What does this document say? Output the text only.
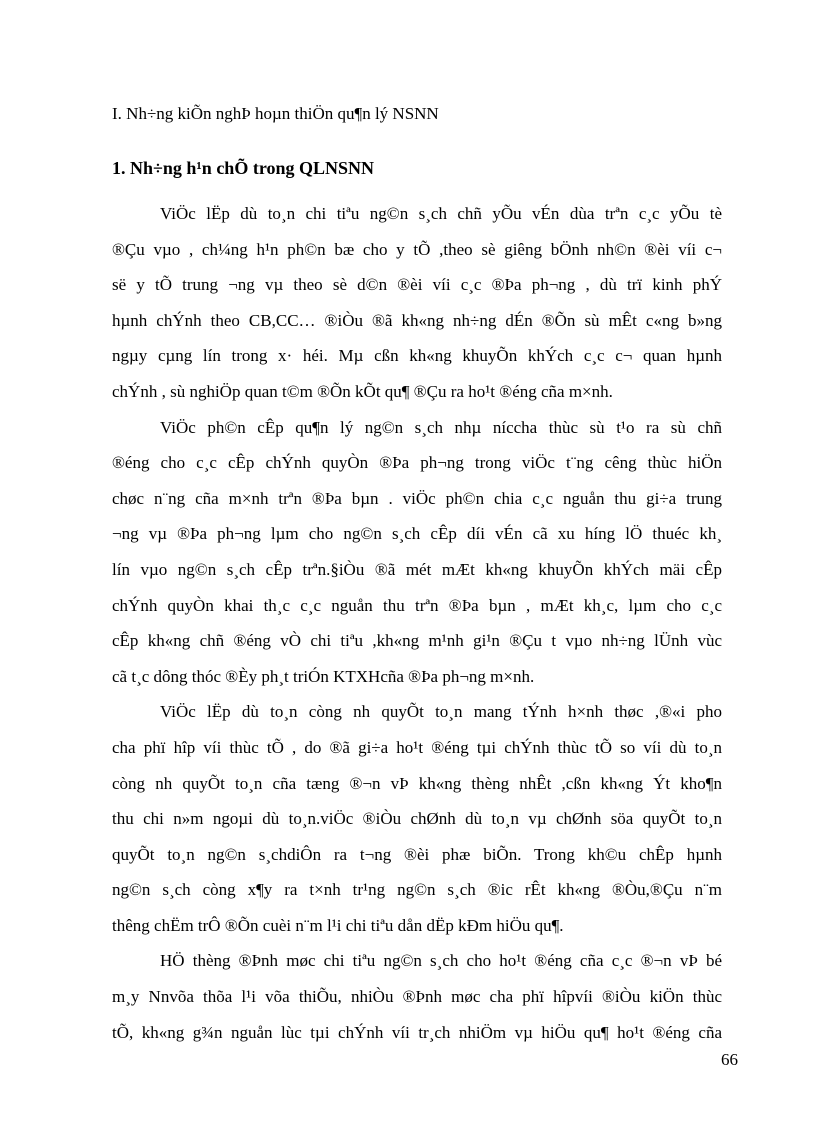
I. Nh÷ng kiÕn nghÞ hoµn thiÖn qu¶n lý NSNN
1. Nh÷ng h¹n chÕ trong QLNSNN
ViÖc lËp dù to¸n chi tiªu ng©n s¸ch chñ yÕu vÉn dùa trªn c¸c yÕu tè
®Çu vµo , ch¼ng h¹n ph©n bæ cho y tÕ ,theo sè giêng bÖnh nh©n ®èi víi c¬
së y tÕ trung ¬ng vµ theo sè d©n ®èi víi c¸c ®Þa ph¬ng , dù trï kinh phÝ
hµnh chÝnh theo CB,CC… ®iÒu ®ã kh«ng nh÷ng dÉn ®Õn sù mÊt c«ng b»ng
ngµy cµng lín trong x· héi. Mµ cßn kh«ng khuyÕn khÝch c¸c c¬ quan hµnh
chÝnh , sù nghiÖp quan t©m ®Õn kÕt qu¶ ®Çu ra ho¹t ®éng cña m×nh.
ViÖc ph©n cÊp qu¶n lý ng©n s¸ch nhµ níccha thùc sù t¹o ra sù chñ
®éng cho c¸c cÊp chÝnh quyÒn ®Þa ph¬ng trong viÖc t¨ng cêng thùc hiÖn
chøc n¨ng cña m×nh trªn ®Þa bµn . viÖc ph©n chia c¸c nguån thu gi÷a trung
¬ng vµ ®Þa ph¬ng lµm cho ng©n s¸ch cÊp díi vÉn cã xu híng lÖ thuéc kh¸
lín vµo ng©n s¸ch cÊp trªn.§iÒu ®ã mét mÆt kh«ng khuyÕn khÝch mäi cÊp
chÝnh quyÒn khai th¸c c¸c nguån thu trªn ®Þa bµn , mÆt kh¸c, lµm cho c¸c
cÊp kh«ng chñ ®éng vÒ chi tiªu ,kh«ng m¹nh gi¹n ®Çu t vµo nh÷ng lÜnh vùc
cã t¸c dông thóc ®Èy ph¸t triÓn KTXHcña ®Þa ph¬ng m×nh.
ViÖc lËp dù to¸n còng nh quyÕt to¸n mang tÝnh h×nh thøc ,®«i pho
cha phï hîp víi thùc tÕ , do ®ã gi÷a ho¹t ®éng tµi chÝnh thùc tÕ so víi dù to¸n
còng nh quyÕt to¸n cña tæng ®¬n vÞ kh«ng thèng nhÊt ,cßn kh«ng Ýt kho¶n
thu chi n»m ngoµi dù to¸n.viÖc ®iÒu chØnh dù to¸n vµ chØnh söa quyÕt to¸n
quyÕt to¸n ng©n s¸chdiÔn ra t¬ng ®èi phæ biÕn. Trong kh©u chÊp hµnh
ng©n s¸ch còng x¶y ra t×nh tr¹ng ng©n s¸ch ®ic rÊt kh«ng ®Òu,®Çu n¨m
thêng chËm trÔ ®Õn cuèi n¨m l¹i chi tiªu dån dËp kÐm hiÖu qu¶.
HÖ thèng ®Þnh møc chi tiªu ng©n s¸ch cho ho¹t ®éng cña c¸c ®¬n vÞ bé
m¸y Nnvõa thõa l¹i võa thiÕu, nhiÒu ®Þnh møc cha phï hîpvíi ®iÒu kiÖn thùc
tÕ, kh«ng g¾n nguån lùc tµi chÝnh víi tr¸ch nhiÖm vµ hiÖu qu¶ ho¹t ®éng cña
66
